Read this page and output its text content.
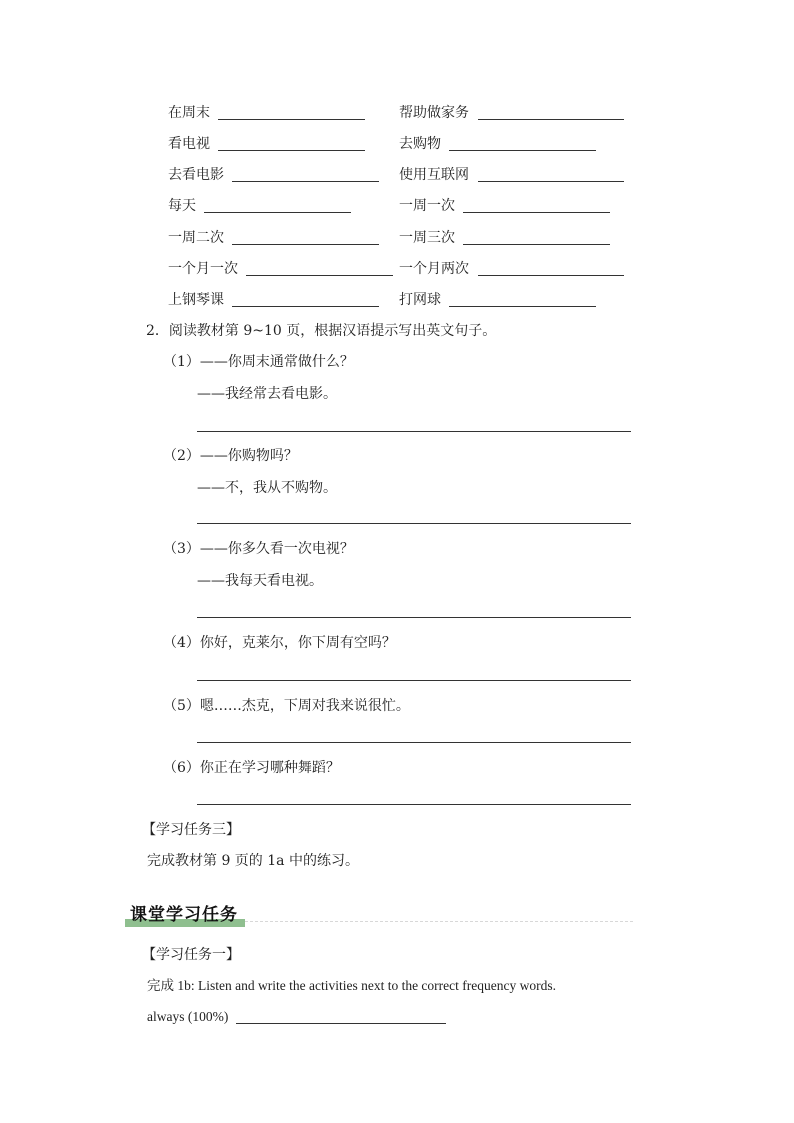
在周末
看电视
去看电影
每天
一周二次
一个月一次
上钢琴课
帮助做家务
去购物
使用互联网
一周一次
一周三次
一个月两次
打网球
2．阅读教材第 9~10 页，根据汉语提示写出英文句子。
（1）——你周末通常做什么？
——我经常去看电影。
（2）——你购物吗？
——不，我从不购物。
（3）——你多久看一次电视？
——我每天看电视。
（4）你好，克莱尔，你下周有空吗？
（5）嗯……杰克，下周对我来说很忙。
（6）你正在学习哪种舞蹈？
【学习任务三】
完成教材第 9 页的 1a 中的练习。
课堂学习任务
【学习任务一】
完成 1b: Listen and write the activities next to the correct frequency words.
always (100%)
